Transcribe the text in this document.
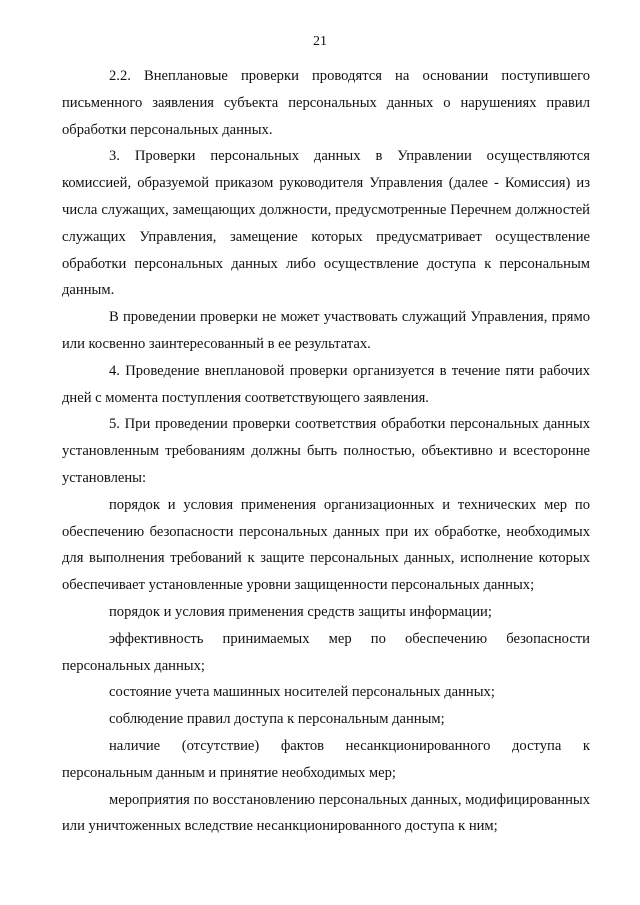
21

2.2. Внеплановые проверки проводятся на основании поступившего письменного заявления субъекта персональных данных о нарушениях правил обработки персональных данных.

3. Проверки персональных данных в Управлении осуществляются комиссией, образуемой приказом руководителя Управления (далее - Комиссия) из числа служащих, замещающих должности, предусмотренные Перечнем должностей служащих Управления, замещение которых предусматривает осуществление обработки персональных данных либо осуществление доступа к персональным данным.

В проведении проверки не может участвовать служащий Управления, прямо или косвенно заинтересованный в ее результатах.

4. Проведение внеплановой проверки организуется в течение пяти рабочих дней с момента поступления соответствующего заявления.

5. При проведении проверки соответствия обработки персональных данных установленным требованиям должны быть полностью, объективно и всесторонне установлены:

порядок и условия применения организационных и технических мер по обеспечению безопасности персональных данных при их обработке, необходимых для выполнения требований к защите персональных данных, исполнение которых обеспечивает установленные уровни защищенности персональных данных;

порядок и условия применения средств защиты информации;

эффективность принимаемых мер по обеспечению безопасности персональных данных;

состояние учета машинных носителей персональных данных;

соблюдение правил доступа к персональным данным;

наличие (отсутствие) фактов несанкционированного доступа к персональным данным и принятие необходимых мер;

мероприятия по восстановлению персональных данных, модифицированных или уничтоженных вследствие несанкционированного доступа к ним;
